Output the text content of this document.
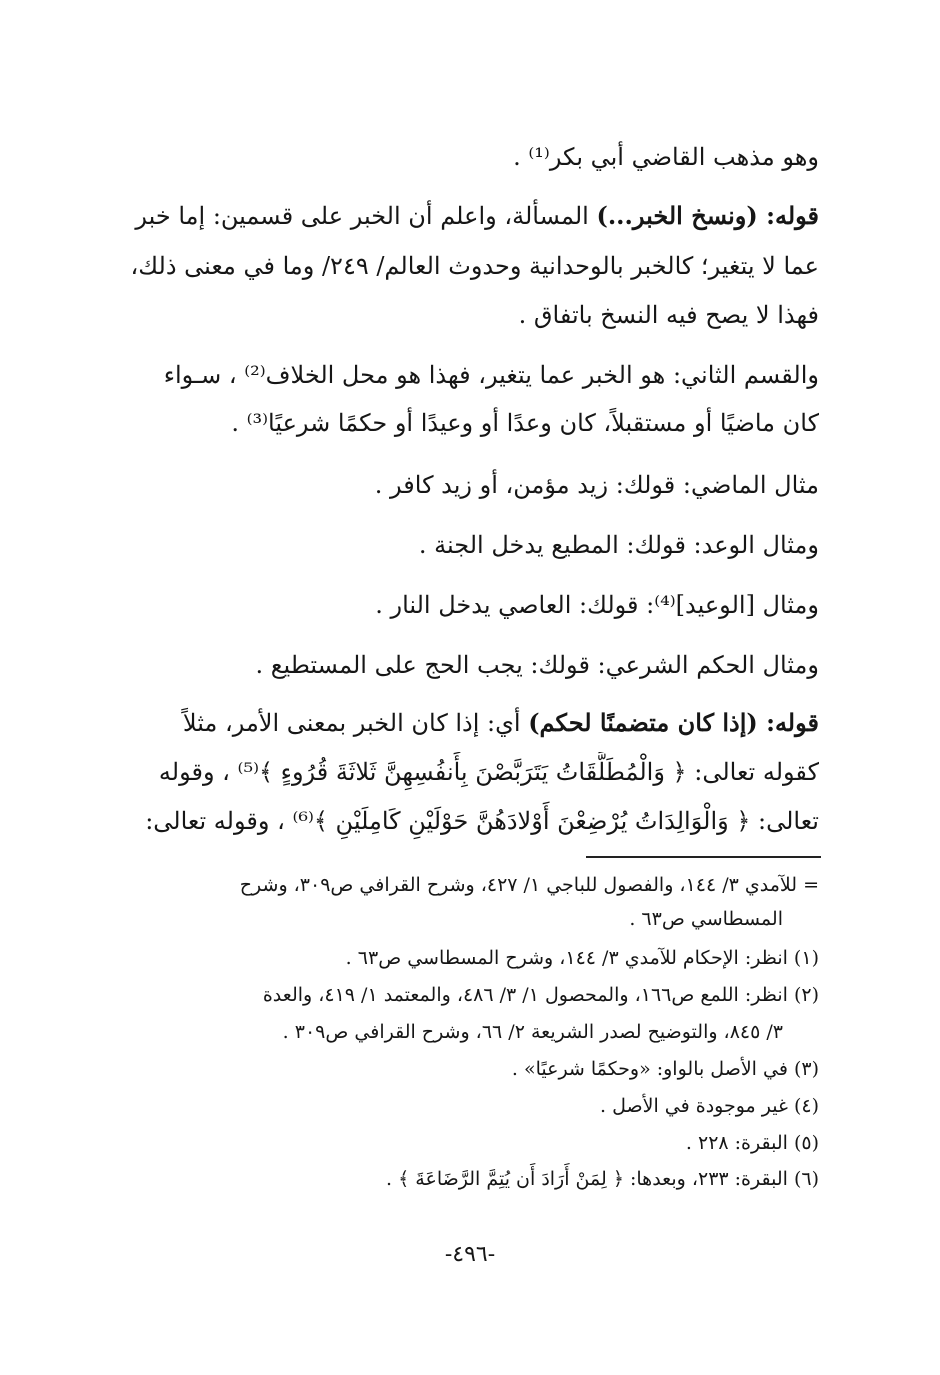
وهو مذهب القاضي أبي بكر⁽¹⁾ .
قوله: (ونسخ الخبر...) المسألة، واعلم أن الخبر على قسمين: إما خبر
عما لا يتغير؛ كالخبر بالوحدانية وحدوث العالم/ ٢٤٩/ وما في معنى ذلك،
فهذا لا يصح فيه النسخ باتفاق .
والقسم الثاني: هو الخبر عما يتغير، فهذا هو محل الخلاف⁽²⁾ ، سـواء
كان ماضيًا أو مستقبلاً، كان وعدًا أو وعيدًا أو حكمًا شرعيًا⁽³⁾ .
مثال الماضي: قولك: زيد مؤمن، أو زيد كافر .
ومثال الوعد: قولك: المطيع يدخل الجنة .
ومثال [الوعيد]⁽⁴⁾: قولك: العاصي يدخل النار .
ومثال الحكم الشرعي: قولك: يجب الحج على المستطيع .
قوله: (إذا كان متضمنًا لحكم) أي: إذا كان الخبر بمعنى الأمر، مثلاً
كقوله تعالى: ﴿ وَالْمُطَلَّقَاتُ يَتَرَبَّصْنَ بِأَنفُسِهِنَّ ثَلاثَةَ قُرُوءٍ ﴾⁽⁵⁾ ، وقوله
تعالى: ﴿ وَالْوَالِدَاتُ يُرْضِعْنَ أَوْلادَهُنَّ حَوْلَيْنِ كَامِلَيْنِ ﴾⁽⁶⁾ ، وقوله تعالى:
= للآمدي ٣/ ١٤٤، والفصول للباجي ١/ ٤٢٧، وشرح القرافي ص٣٠٩، وشرح
المسطاسي ص٦٣ .
(١) انظر: الإحكام للآمدي ٣/ ١٤٤، وشرح المسطاسي ص٦٣ .
(٢) انظر: اللمع ص١٦٦، والمحصول ١/ ٣/ ٤٨٦، والمعتمد ١/ ٤١٩، والعدة
٣/ ٨٤٥، والتوضيح لصدر الشريعة ٢/ ٦٦، وشرح القرافي ص٣٠٩ .
(٣) في الأصل بالواو: «وحكمًا شرعيًا» .
(٤) غير موجودة في الأصل .
(٥) البقرة: ٢٢٨ .
(٦) البقرة: ٢٣٣، وبعدها: ﴿ لِمَنْ أَرَادَ أَن يُتِمَّ الرَّضَاعَةَ ﴾ .
-٤٩٦-
